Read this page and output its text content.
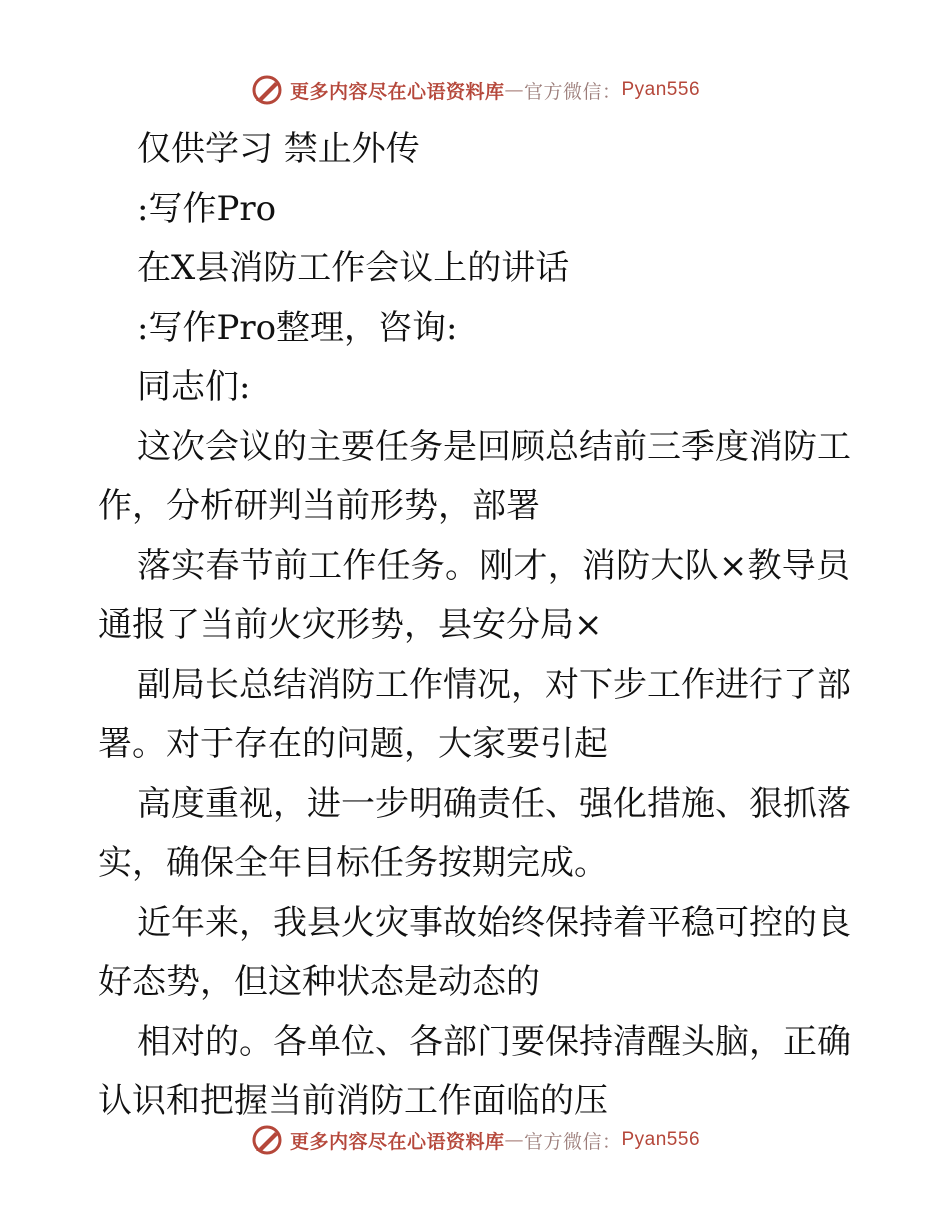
更多内容尽在心语资料库 — 官方微信： Pyan556
仅供学习 禁止外传
:写作Pro
在X县消防工作会议上的讲话
:写作Pro整理，咨询:
同志们:
这次会议的主要任务是回顾总结前三季度消防工
作，分析研判当前形势，部署
落实春节前工作任务。刚才，消防大队×教导员
通报了当前火灾形势，县安分局×
副局长总结消防工作情况，对下步工作进行了部
署。对于存在的问题，大家要引起
高度重视，进一步明确责任、强化措施、狠抓落
实，确保全年目标任务按期完成。
近年来，我县火灾事故始终保持着平稳可控的良
好态势，但这种状态是动态的
相对的。各单位、各部门要保持清醒头脑，正确
认识和把握当前消防工作面临的压
更多内容尽在心语资料库 — 官方微信： Pyan556
